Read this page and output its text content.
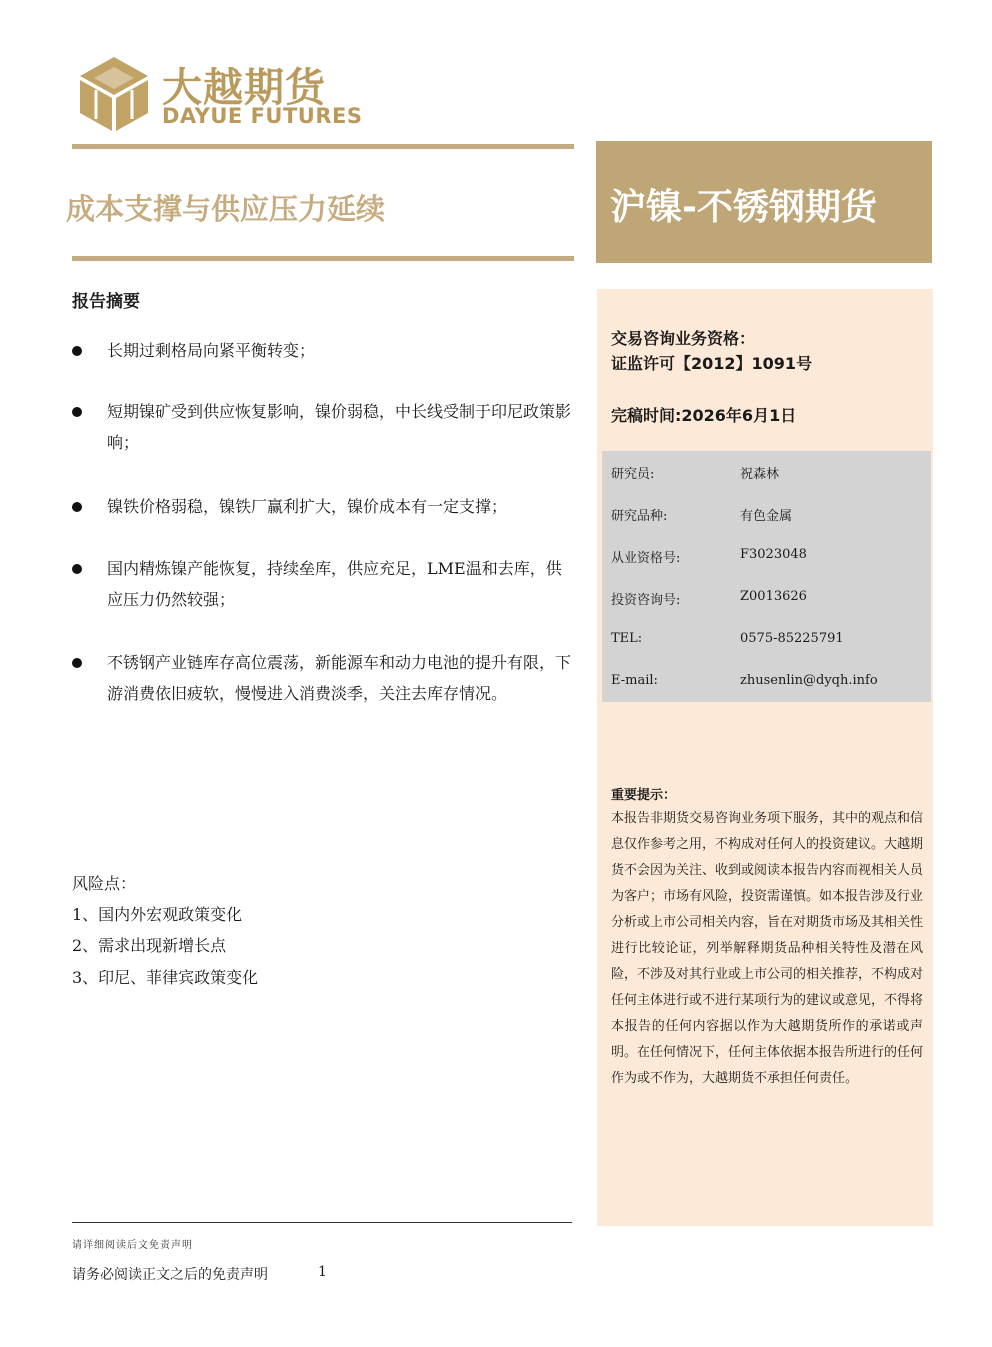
大越期货
DAYUE FUTURES
成本支撑与供应压力延续	沪镍-不锈钢期货
报告摘要
长期过剩格局向紧平衡转变；
短期镍矿受到供应恢复影响，镍价弱稳，中长线受制于印尼政策影响；
镍铁价格弱稳，镍铁厂赢利扩大，镍价成本有一定支撑；
国内精炼镍产能恢复，持续垒库，供应充足，LME温和去库，供应压力仍然较强；
不锈钢产业链库存高位震荡，新能源车和动力电池的提升有限，下游消费依旧疲软，慢慢进入消费淡季，关注去库存情况。
风险点：
1、国内外宏观政策变化
2、需求出现新增长点
3、印尼、菲律宾政策变化
交易咨询业务资格：
证监许可【2012】1091号
完稿时间:2026年6月1日
研究员:	祝森林
研究品种:	有色金属
从业资格号:	F3023048
投资咨询号:	Z0013626
TEL:	0575-85225791
E-mail:	zhusenlin@dyqh.info
重要提示：
本报告非期货交易咨询业务项下服务，其中的观点和信息仅作参考之用，不构成对任何人的投资建议。大越期货不会因为关注、收到或阅读本报告内容而视相关人员为客户；市场有风险，投资需谨慎。如本报告涉及行业分析或上市公司相关内容，旨在对期货市场及其相关性进行比较论证，列举解释期货品种相关特性及潜在风险，不涉及对其行业或上市公司的相关推荐，不构成对任何主体进行或不进行某项行为的建议或意见，不得将本报告的任何内容据以作为大越期货所作的承诺或声明。在任何情况下，任何主体依据本报告所进行的任何作为或不作为，大越期货不承担任何责任。
请详细阅读后文免责声明
请务必阅读正文之后的免责声明	1
